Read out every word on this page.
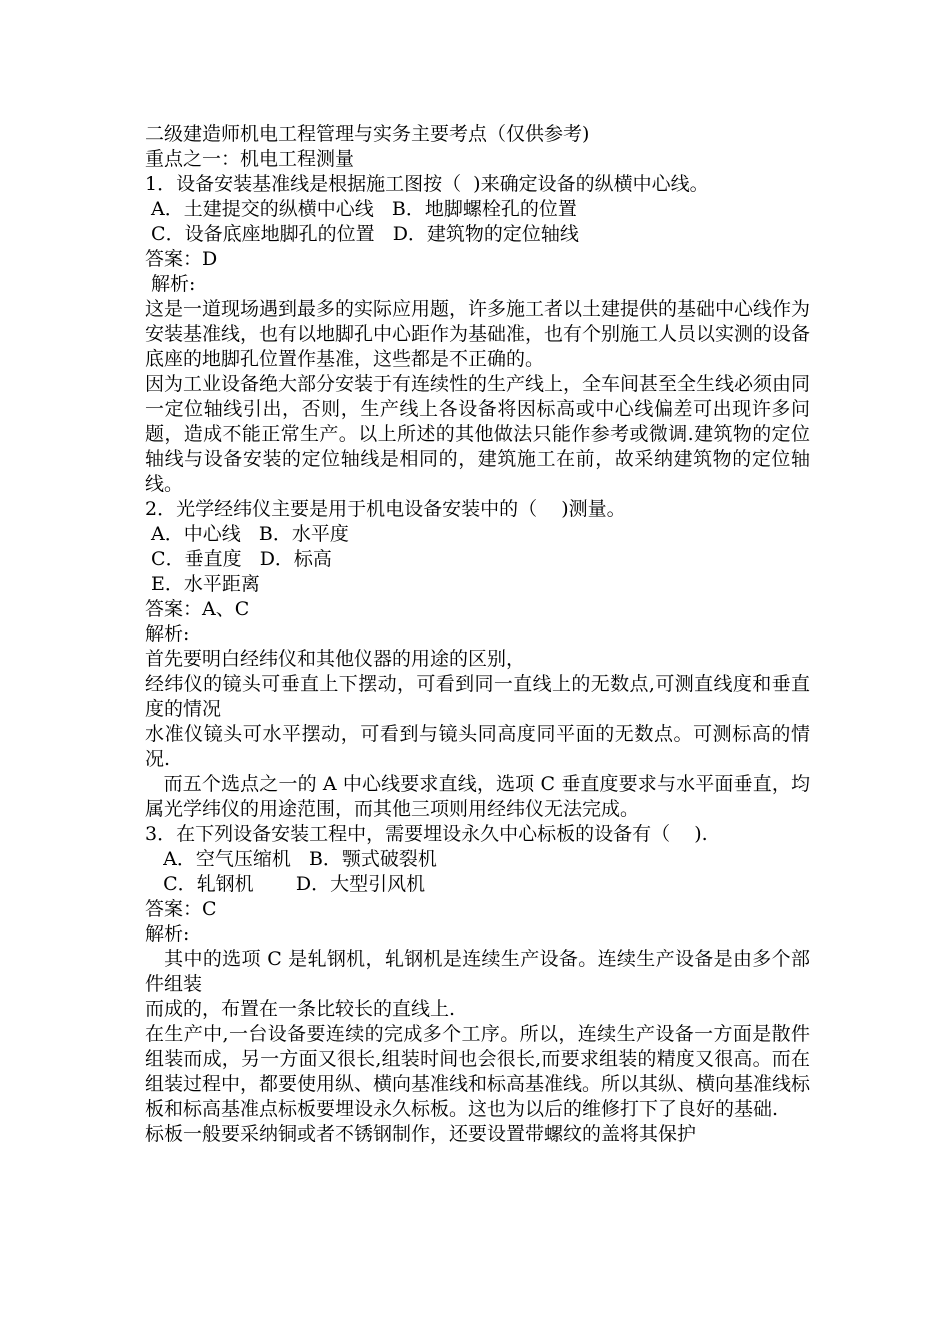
二级建造师机电工程管理与实务主要考点（仅供参考)
重点之一：机电工程测量
1．设备安装基准线是根据施工图按（  )来确定设备的纵横中心线。
A．土建提交的纵横中心线   B．地脚螺栓孔的位置
C．设备底座地脚孔的位置   D．建筑物的定位轴线
答案：D
解析:
这是一道现场遇到最多的实际应用题，许多施工者以土建提供的基础中心线作为安装基准线，也有以地脚孔中心距作为基础准，也有个别施工人员以实测的设备底座的地脚孔位置作基准，这些都是不正确的。
因为工业设备绝大部分安装于有连续性的生产线上，全车间甚至全生线必须由同一定位轴线引出，否则，生产线上各设备将因标高或中心线偏差可出现许多问题，造成不能正常生产。以上所述的其他做法只能作参考或微调.建筑物的定位轴线与设备安装的定位轴线是相同的，建筑施工在前，故采纳建筑物的定位轴线。
2．光学经纬仪主要是用于机电设备安装中的（    )测量。
A．中心线   B．水平度
C．垂直度   D．标高
E．水平距离
答案：A、C
解析:
首先要明白经纬仪和其他仪器的用途的区别，
经纬仪的镜头可垂直上下摆动，可看到同一直线上的无数点,可测直线度和垂直度的情况
水准仪镜头可水平摆动，可看到与镜头同高度同平面的无数点。可测标高的情况.
而五个选点之一的 A 中心线要求直线，选项 C 垂直度要求与水平面垂直，均属光学纬仪的用途范围，而其他三项则用经纬仪无法完成。
3．在下列设备安装工程中，需要埋设永久中心标板的设备有（    ).
A．空气压缩机   B．颚式破裂机
C．轧钢机       D．大型引风机
答案：C
解析:
其中的选项 C 是轧钢机，轧钢机是连续生产设备。连续生产设备是由多个部件组装
而成的，布置在一条比较长的直线上.
在生产中,一台设备要连续的完成多个工序。所以，连续生产设备一方面是散件组装而成，另一方面又很长,组装时间也会很长,而要求组装的精度又很高。而在组装过程中，都要使用纵、横向基准线和标高基准线。所以其纵、横向基准线标板和标高基准点标板要埋设永久标板。这也为以后的维修打下了良好的基础.
标板一般要采纳铜或者不锈钢制作，还要设置带螺纹的盖将其保护
